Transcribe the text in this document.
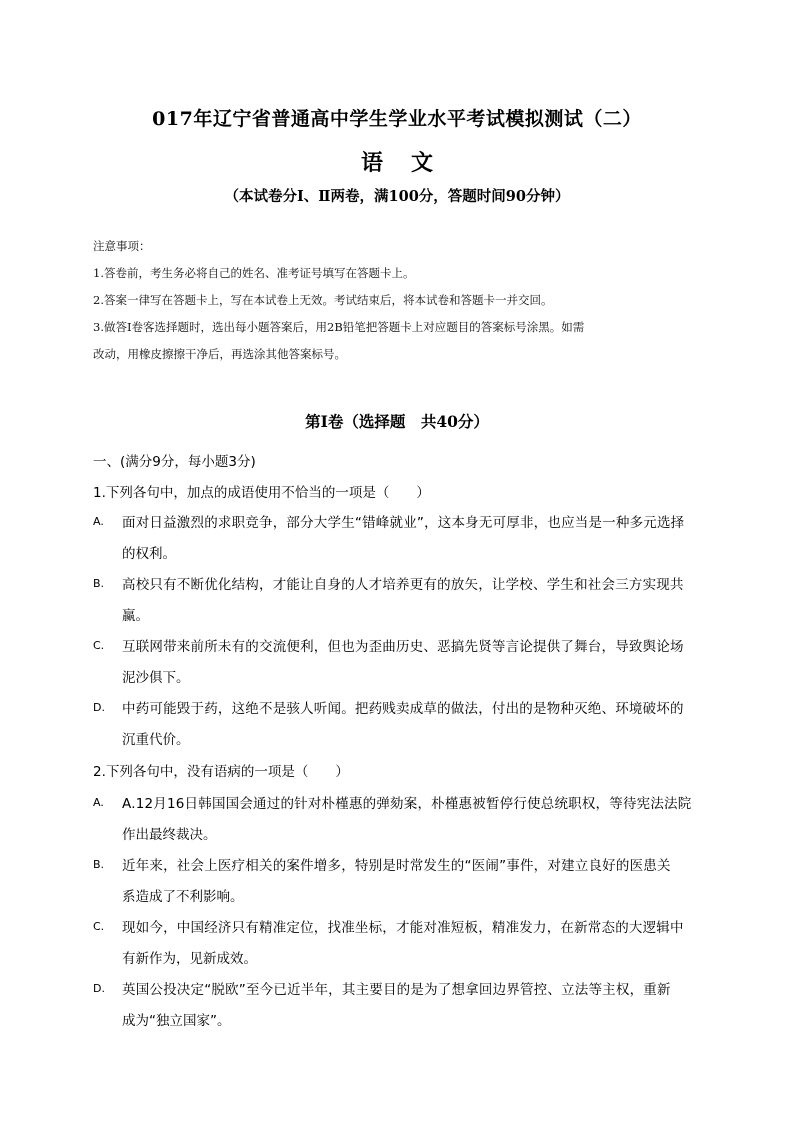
017年辽宁省普通高中学生学业水平考试模拟测试（二）
语 文
（本试卷分Ⅰ、Ⅱ两卷，满100分，答题时间90分钟）
注意事项：
1.答卷前，考生务必将自己的姓名、准考证号填写在答题卡上。
2.答案一律写在答题卡上，写在本试卷上无效。考试结束后，将本试卷和答题卡一并交回。
3.做答Ⅰ卷客选择题时，选出每小题答案后，用2B铅笔把答题卡上对应题目的答案标号涂黑。如需
改动，用橡皮擦擦干净后，再选涂其他答案标号。
第Ⅰ卷（选择题　共40分）
一、(满分9分，每小题3分)
1.下列各句中，加点的成语使用不恰当的一项是（　　）
A. 面对日益激烈的求职竞争，部分大学生“错峰就业”，这本身无可厚非，也应当是一种多元选择
的权利。
B. 高校只有不断优化结构，才能让自身的人才培养更有的放矢，让学校、学生和社会三方实现共
赢。
C. 互联网带来前所未有的交流便利，但也为歪曲历史、恶搞先贤等言论提供了舞台，导致舆论场
泥沙俱下。
D. 中药可能毁于药，这绝不是骇人听闻。把药贱卖成草的做法，付出的是物种灭绝、环境破坏的
沉重代价。
2.下列各句中，没有语病的一项是（　　）
A. A.12月16日韩国国会通过的针对朴槿惠的弹劾案，朴槿惠被暂停行使总统职权，等待宪法法院
作出最终裁决。
B. 近年来，社会上医疗相关的案件增多，特别是时常发生的“医闹”事件，对建立良好的医患关
系造成了不利影响。
C. 现如今，中国经济只有精准定位，找准坐标，才能对准短板，精准发力，在新常态的大逻辑中
有新作为，见新成效。
D. 英国公投决定“脱欧”至今已近半年，其主要目的是为了想拿回边界管控、立法等主权，重新
成为“独立国家”。
